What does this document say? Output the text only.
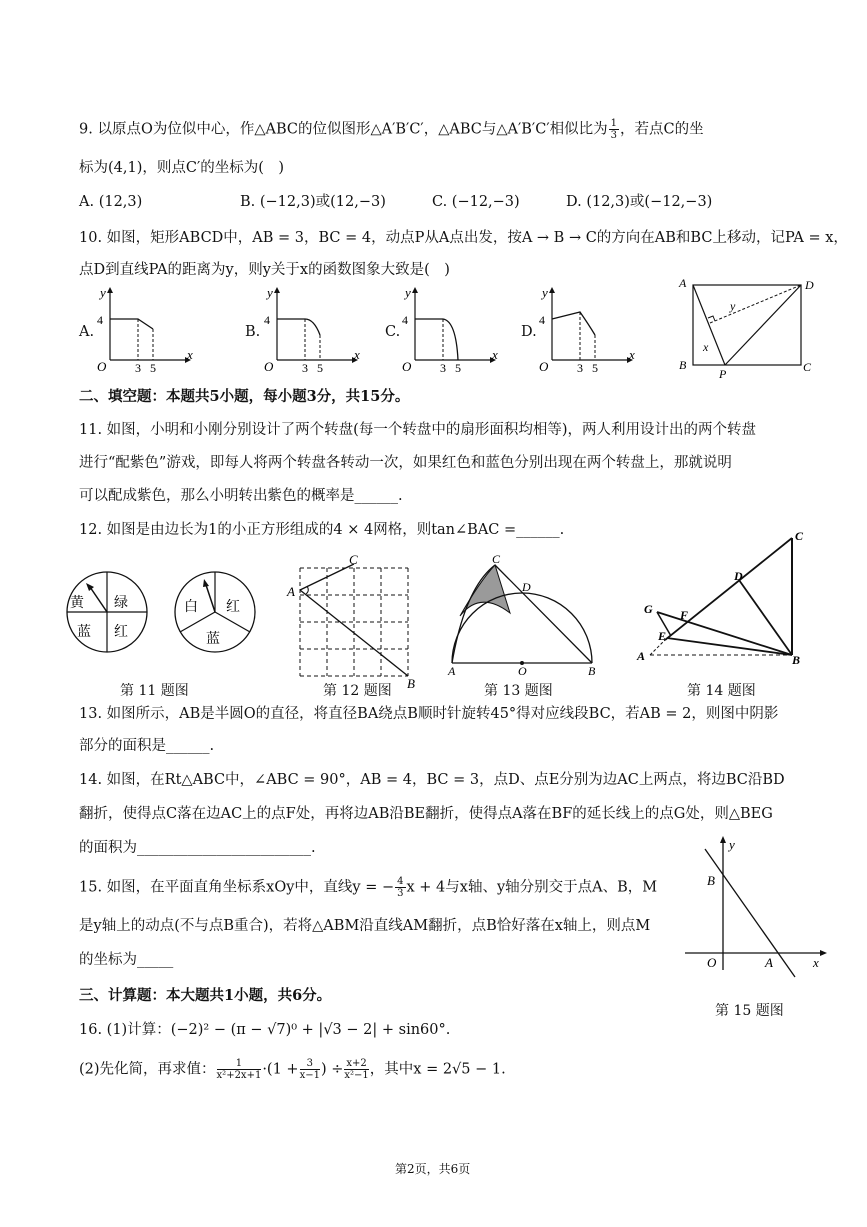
9. 以原点O为位似中心，作△ABC的位似图形△A′B′C′，△ABC与△A′B′C′相似比为 $\frac{1}{3}$ ，若点C的坐
标为(4,1)，则点C′的坐标为(　)
A. (12,3)	B. (−12,3)或(12,−3)	C. (−12,−3)	D. (12,3)或(−12,−3)
10. 如图，矩形ABCD中，AB = 3，BC = 4，动点P从A点出发，按A → B → C的方向在AB和BC上移动，记PA = x，
点D到直线PA的距离为y，则y关于x的函数图象大致是(　)
A.
y
x
4
O 3 5
B.
y
x
4
O 3 5
C.
y
x
4
O 3 5
D.
y
x
4
O 3 5
A
B
D
C
P
x
y
二、填空题：本题共5小题，每小题3分，共15分。
11. 如图，小明和小刚分别设计了两个转盘(每一个转盘中的扇形面积均相等)，两人利用设计出的两个转盘
进行“配紫色”游戏，即每人将两个转盘各转动一次，如果红色和蓝色分别出现在两个转盘上，那就说明
可以配成紫色，那么小明转出紫色的概率是______.
12. 如图是由边长为1的小正方形组成的4 × 4网格，则tan∠BAC =______.
黄 绿
蓝 红
白 红
蓝
A
C
B
C
D
A	O	B
C
D
F
G
E
A	B
第 11 题图	第 12 题图	第 13 题图	第 14 题图
13. 如图所示，AB是半圆O的直径，将直径BA绕点B顺时针旋转45°得对应线段BC，若AB = 2，则图中阴影
部分的面积是______.
14. 如图，在Rt△ABC中，∠ABC = 90°，AB = 4，BC = 3，点D、点E分别为边AC上两点，将边BC沿BD
翻折，使得点C落在边AC上的点F处，再将边AB沿BE翻折，使得点A落在BF的延长线上的点G处，则△BEG
的面积为________________________.
15. 如图，在平面直角坐标系xOy中，直线y = − $\frac{4}{3}$ x + 4与x轴、y轴分别交于点A、B，M
是y轴上的动点(不与点B重合)，若将△ABM沿直线AM翻折，点B恰好落在x轴上，则点M
的坐标为_____
y
x
O	A
B
第 15 题图
三、计算题：本大题共1小题，共6分。
16. (1)计算：(−2)² − (π − √7)⁰ + |√3 − 2| + sin60°.
(2)先化简，再求值： $\frac{1}{\text{x²+2x+1}} \cdot(1 + \frac{3}{x-1}$ ) ÷ $\frac{x+2}{\text{x²−1}}$ ，其中x = 2√5 − 1.
第2页，共6页
